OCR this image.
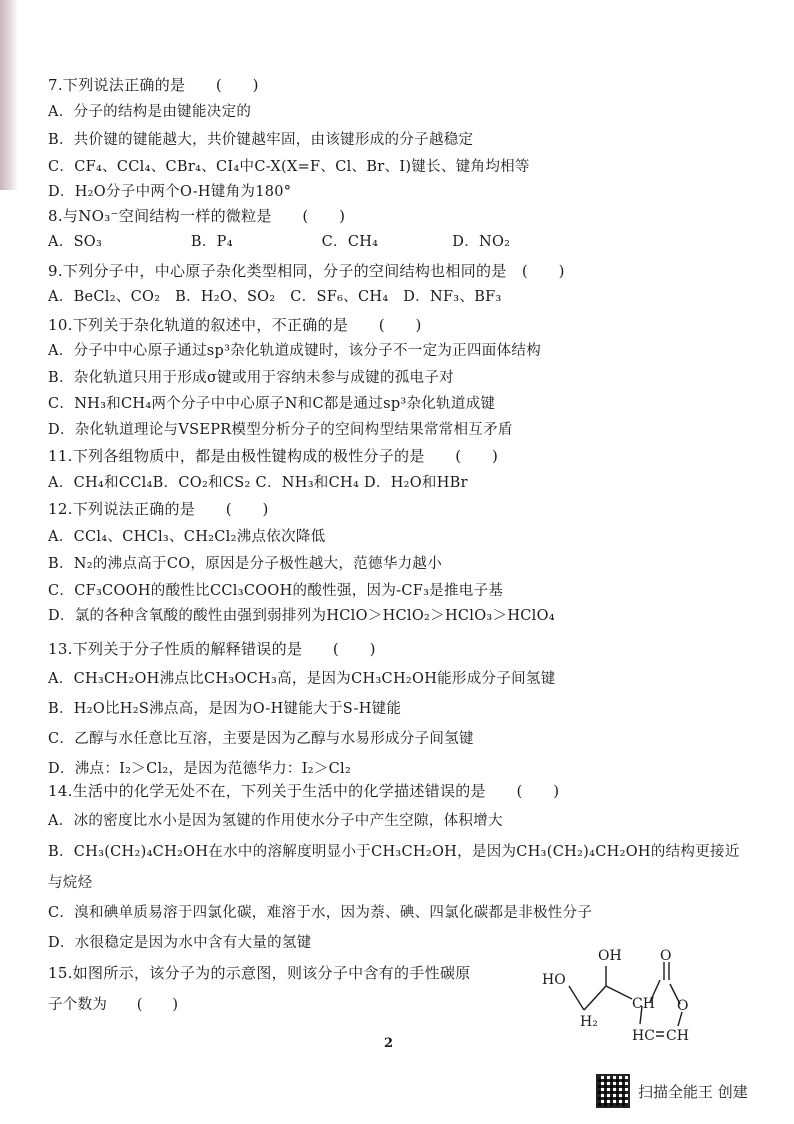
7.下列说法正确的是　　(　　)
A．分子的结构是由键能决定的
B．共价键的键能越大，共价键越牢固，由该键形成的分子越稳定
C．CF₄、CCl₄、CBr₄、CI₄中C-X(X=F、Cl、Br、I)键长、键角均相等
D．H₂O分子中两个O-H键角为180°
8.与NO₃⁻空间结构一样的微粒是　　(　　)
A．SO₃　　　　　　B．P₄　　　　　　C．CH₄　　　　　D．NO₂
9.下列分子中，中心原子杂化类型相同，分子的空间结构也相同的是　(　　)
A．BeCl₂、CO₂　B．H₂O、SO₂　C．SF₆、CH₄　D．NF₃、BF₃
10.下列关于杂化轨道的叙述中，不正确的是　　(　　)
A．分子中中心原子通过sp³杂化轨道成键时，该分子不一定为正四面体结构
B．杂化轨道只用于形成σ键或用于容纳未参与成键的孤电子对
C．NH₃和CH₄两个分子中中心原子N和C都是通过sp³杂化轨道成键
D．杂化轨道理论与VSEPR模型分析分子的空间构型结果常常相互矛盾
11.下列各组物质中，都是由极性键构成的极性分子的是　　(　　)
A．CH₄和CCl₄B．CO₂和CS₂ C．NH₃和CH₄ D．H₂O和HBr
12.下列说法正确的是　　(　　)
A．CCl₄、CHCl₃、CH₂Cl₂沸点依次降低
B．N₂的沸点高于CO，原因是分子极性越大，范德华力越小
C．CF₃COOH的酸性比CCl₃COOH的酸性强，因为-CF₃是推电子基
D．氯的各种含氧酸的酸性由强到弱排列为HClO＞HClO₂＞HClO₃＞HClO₄
13.下列关于分子性质的解释错误的是　　(　　)
A．CH₃CH₂OH沸点比CH₃OCH₃高，是因为CH₃CH₂OH能形成分子间氢键
B．H₂O比H₂S沸点高，是因为O-H键能大于S-H键能
C．乙醇与水任意比互溶，主要是因为乙醇与水易形成分子间氢键
D．沸点：I₂＞Cl₂，是因为范德华力：I₂＞Cl₂
14.生活中的化学无处不在，下列关于生活中的化学描述错误的是　　(　　)
A．冰的密度比水小是因为氢键的作用使水分子中产生空隙，体积增大
B．CH₃(CH₂)₄CH₂OH在水中的溶解度明显小于CH₃CH₂OH，是因为CH₃(CH₂)₄CH₂OH的结构更接近
与烷烃
C．溴和碘单质易溶于四氯化碳，难溶于水，因为萘、碘、四氯化碳都是非极性分子
D．水很稳定是因为水中含有大量的氢键
15.如图所示，该分子为的示意图，则该分子中含有的手性碳原
子个数为　　(　　)
OH	O
HO
CH O
H₂
HC CH
2
扫描全能王 创建
